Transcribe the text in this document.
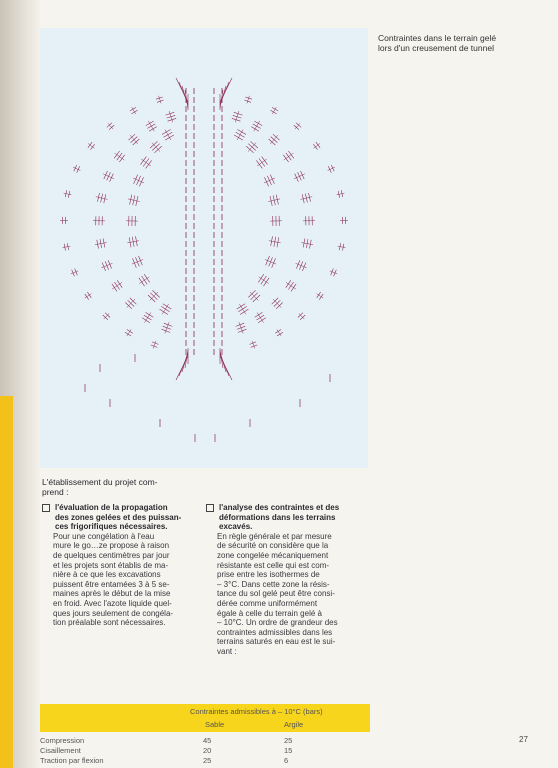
Contraintes dans le terrain gelé
lors d'un creusement de tunnel
L'établissement du projet com-
prend :
l'évaluation de la propagation
des zones gelées et des puissan-
ces frigorifiques nécessaires.

Pour une congélation à l'eau
mure le go…ze propose à raison
de quelques centimètres par jour
et les projets sont établis de ma-
nière à ce que les excavations
puissent être entamées 3 à 5 se-
maines après le début de la mise
en froid. Avec l'azote liquide quel-
ques jours seulement de congéla-
tion préalable sont nécessaires.

l'analyse des contraintes et des
déformations dans les terrains
excavés.

En règle générale et par mesure
de sécurité on considère que la
zone congelée mécaniquement
résistante est celle qui est com-
prise entre les isothermes de
– 3°C. Dans cette zone la résis-
tance du sol gelé peut être consi-
dérée comme uniformément
égale à celle du terrain gelé à
– 10°C. Un ordre de grandeur des
contraintes admissibles dans les
terrains saturés en eau est le sui-
vant :

Contraintes admissibles à – 10°C (bars)
Sable	Argile
Compression	45	25
Cisaillement	20	15
Traction par flexion	25	6
27
